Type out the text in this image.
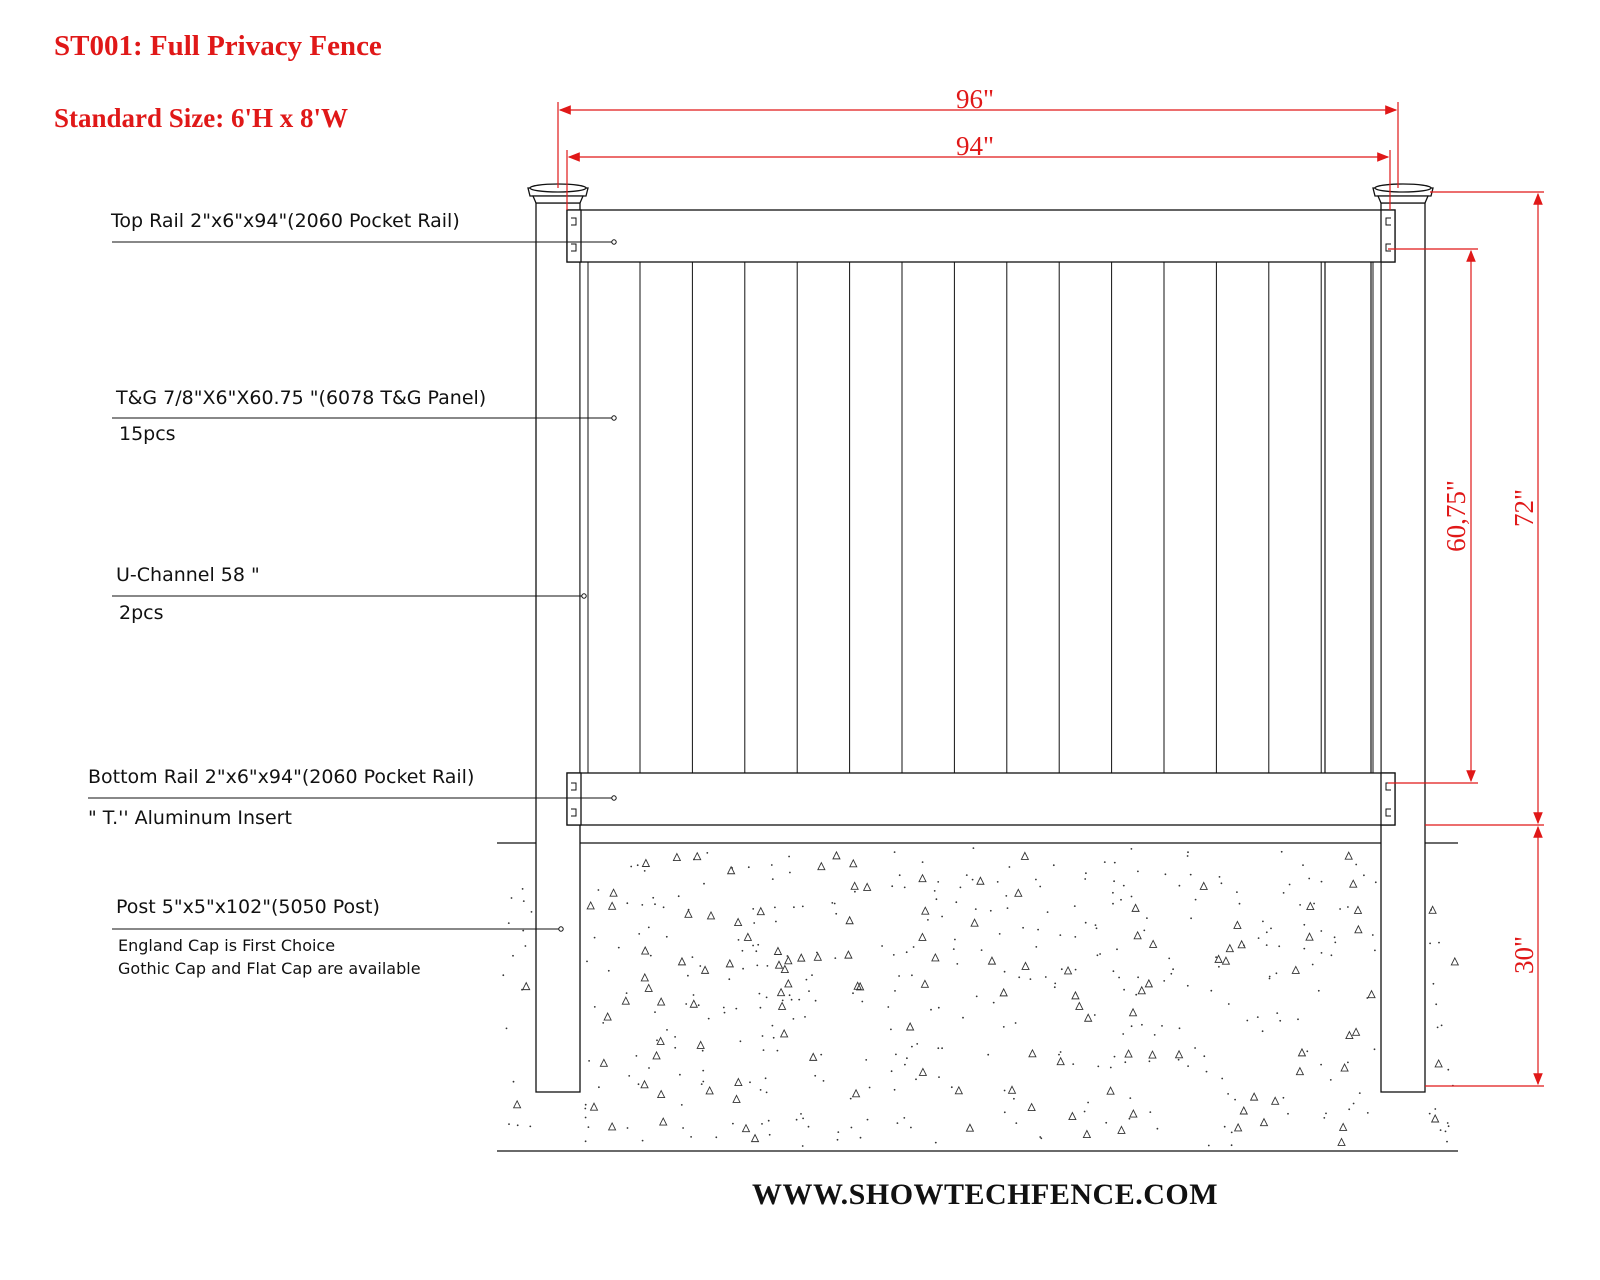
ST001: Full Privacy Fence
Standard Size: 6'H x 8'W
96"
94"
60,75" 72"
30"
Top Rail 2"x6"x94"(2060 Pocket Rail)
T&G 7/8"X6"X60.75 "(6078 T&G Panel)
15pcs
U-Channel 58 "
2pcs
Bottom Rail 2"x6"x94"(2060 Pocket Rail)
" T.'' Aluminum Insert
Post 5"x5"x102"(5050 Post)
England Cap is First Choice
Gothic Cap and Flat Cap are available
WWW.SHOWTECHFENCE.COM
